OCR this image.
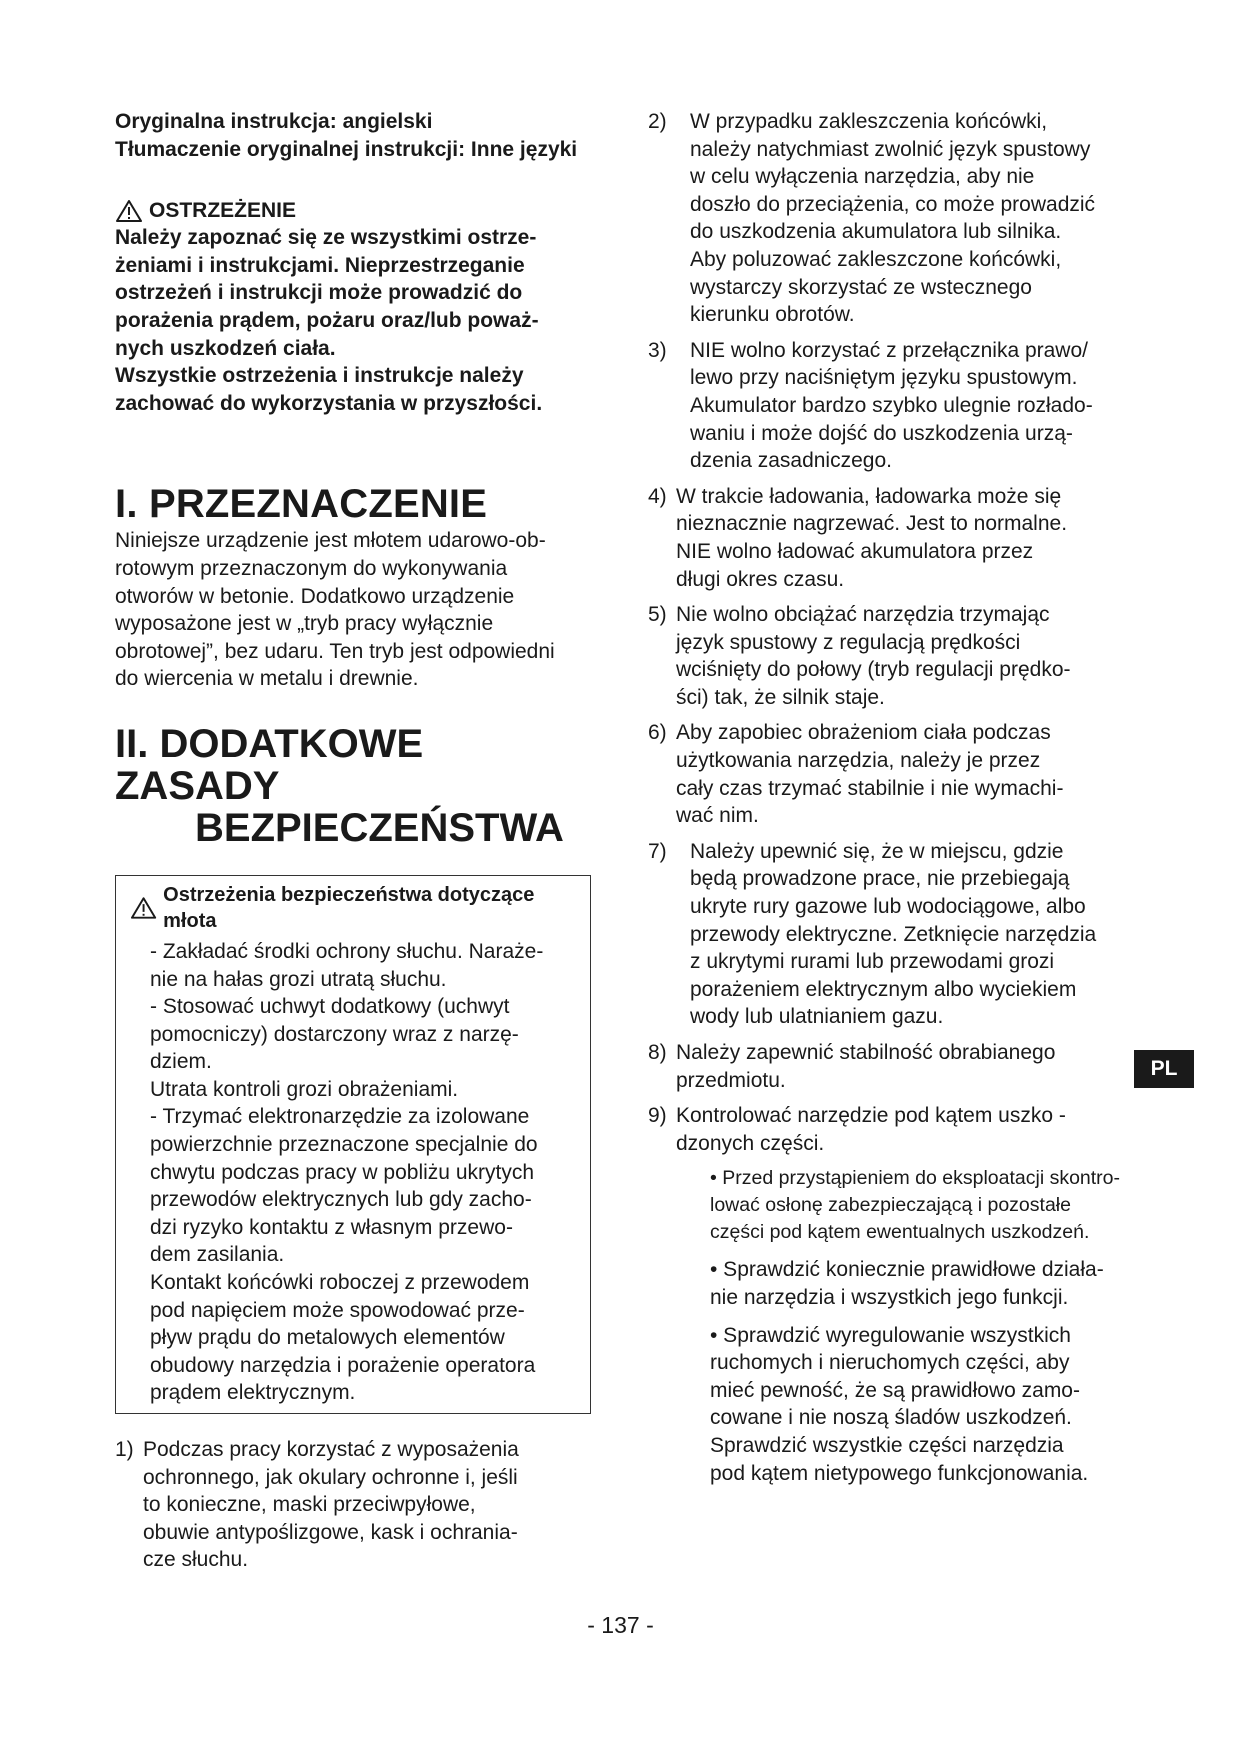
Oryginalna instrukcja: angielski

Tłumaczenie oryginalnej instrukcji: Inne języki

OSTRZEŻENIE

Należy zapoznać się ze wszystkimi ostrze-
żeniami i instrukcjami. Nieprzestrzeganie
ostrzeżeń i instrukcji może prowadzić do
porażenia prądem, pożaru oraz/lub poważ-
nych uszkodzeń ciała.
Wszystkie ostrzeżenia i instrukcje należy
zachować do wykorzystania w przyszłości.

I. PRZEZNACZENIE

Niniejsze urządzenie jest młotem udarowo-ob-
rotowym przeznaczonym do wykonywania
otworów w betonie. Dodatkowo urządzenie
wyposażone jest w „tryb pracy wyłącznie
obrotowej”, bez udaru. Ten tryb jest odpowiedni
do wiercenia w metalu i drewnie.

II. DODATKOWE ZASADY
BEZPIECZEŃSTWA
Ostrzeżenia bezpieczeństwa dotyczące młota
- Zakładać środki ochrony słuchu. Naraże-
nie na hałas grozi utratą słuchu.
- Stosować uchwyt dodatkowy (uchwyt
pomocniczy) dostarczony wraz z narzę-
dziem.
Utrata kontroli grozi obrażeniami.
- Trzymać elektronarzędzie za izolowane
powierzchnie przeznaczone specjalnie do
chwytu podczas pracy w pobliżu ukrytych
przewodów elektrycznych lub gdy zacho-
dzi ryzyko kontaktu z własnym przewo-
dem zasilania.
Kontakt końcówki roboczej z przewodem
pod napięciem może spowodować prze-
pływ prądu do metalowych elementów
obudowy narzędzia i porażenie operatora
prądem elektrycznym.
1) Podczas pracy korzystać z wyposażenia
ochronnego, jak okulary ochronne i, jeśli
to konieczne, maski przeciwpyłowe,
obuwie antypoślizgowe, kask i ochrania-
cze słuchu.
2)	W przypadku zakleszczenia końcówki,
należy natychmiast zwolnić język spustowy
w celu wyłączenia narzędzia, aby nie
doszło do przeciążenia, co może prowadzić
do uszkodzenia akumulatora lub silnika.
Aby poluzować zakleszczone końcówki,
wystarczy skorzystać ze wstecznego
kierunku obrotów.
3)	NIE wolno korzystać z przełącznika prawo/
lewo przy naciśniętym języku spustowym.
Akumulator bardzo szybko ulegnie rozłado-
waniu i może dojść do uszkodzenia urzą-
dzenia zasadniczego.
4) W trakcie ładowania, ładowarka może się
nieznacznie nagrzewać. Jest to normalne.
NIE wolno ładować akumulatora przez
długi okres czasu.
5) Nie wolno obciążać narzędzia trzymając
język spustowy z regulacją prędkości
wciśnięty do połowy (tryb regulacji prędko-
ści) tak, że silnik staje.
6) Aby zapobiec obrażeniom ciała podczas
użytkowania narzędzia, należy je przez
cały czas trzymać stabilnie i nie wymachi-
wać nim.
7)	Należy upewnić się, że w miejscu, gdzie
będą prowadzone prace, nie przebiegają
ukryte rury gazowe lub wodociągowe, albo
przewody elektryczne. Zetknięcie narzędzia
z ukrytymi rurami lub przewodami grozi
porażeniem elektrycznym albo wyciekiem
wody lub ulatnianiem gazu.
8) Należy zapewnić stabilność obrabianego
przedmiotu.
9) Kontrolować narzędzie pod kątem uszko -
dzonych części.
• Przed przystąpieniem do eksploatacji skontro-
lować osłonę zabezpieczającą i pozostałe
części pod kątem ewentualnych uszkodzeń.
• Sprawdzić koniecznie prawidłowe działa-
nie narzędzia i wszystkich jego funkcji.
• Sprawdzić wyregulowanie wszystkich
ruchomych i nieruchomych części, aby
mieć pewność, że są prawidłowo zamo-
cowane i nie noszą śladów uszkodzeń.
Sprawdzić wszystkie części narzędzia
pod kątem nietypowego funkcjonowania.
PL
- 137 -
